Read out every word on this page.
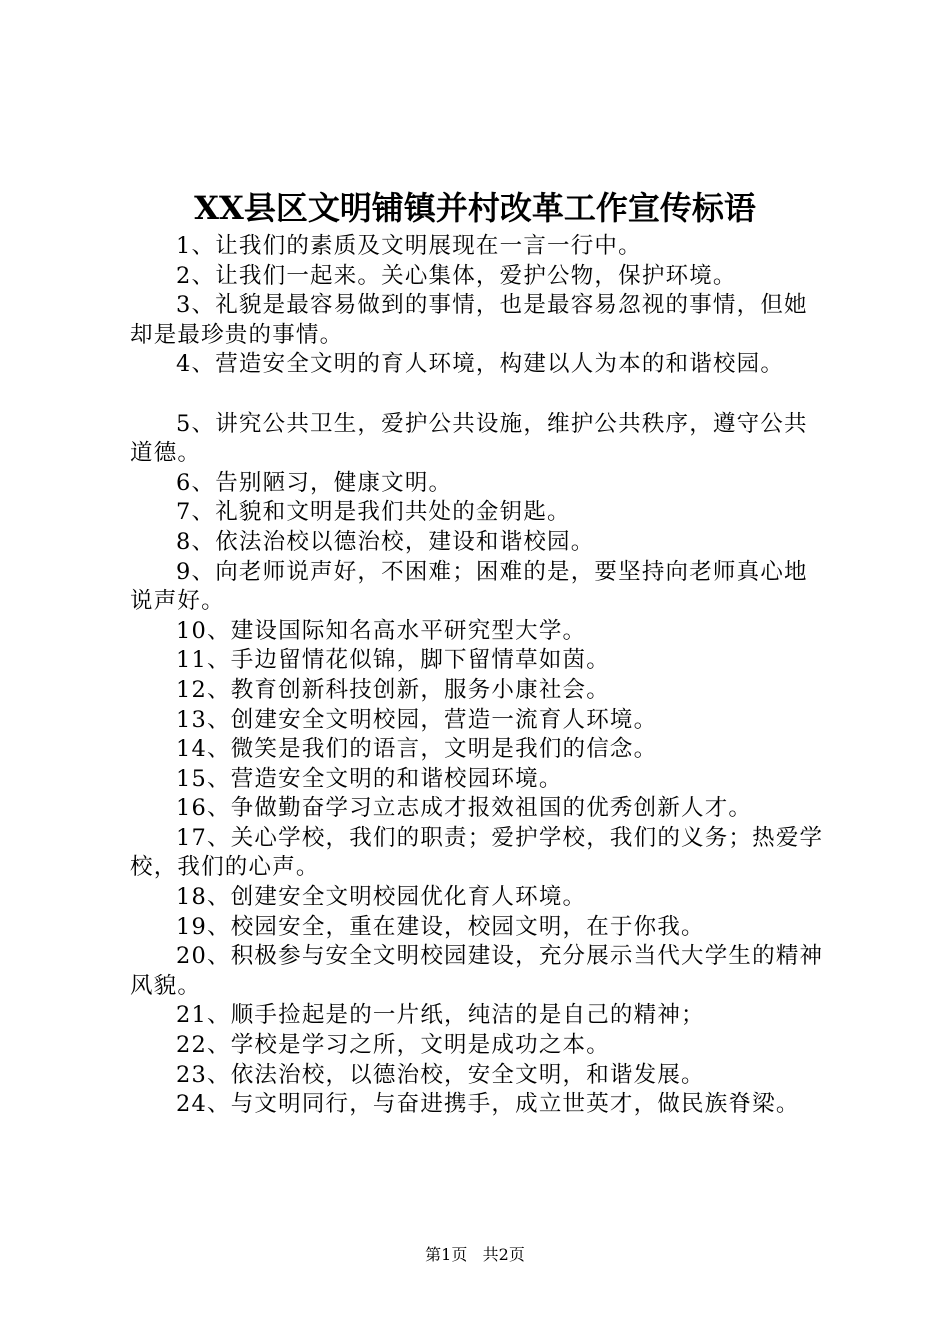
XX县区文明铺镇并村改革工作宣传标语

1、让我们的素质及文明展现在一言一行中。

2、让我们一起来。关心集体，爱护公物，保护环境。

3、礼貌是最容易做到的事情，也是最容易忽视的事情，但她却是最珍贵的事情。

4、营造安全文明的育人环境，构建以人为本的和谐校园。

5、讲究公共卫生，爱护公共设施，维护公共秩序，遵守公共道德。

6、告别陋习，健康文明。

7、礼貌和文明是我们共处的金钥匙。

8、依法治校以德治校，建设和谐校园。

9、向老师说声好，不困难；困难的是，要坚持向老师真心地说声好。

10、建设国际知名高水平研究型大学。

11、手边留情花似锦，脚下留情草如茵。

12、教育创新科技创新，服务小康社会。

13、创建安全文明校园，营造一流育人环境。

14、微笑是我们的语言，文明是我们的信念。

15、营造安全文明的和谐校园环境。

16、争做勤奋学习立志成才报效祖国的优秀创新人才。

17、关心学校，我们的职责；爱护学校，我们的义务；热爱学校，我们的心声。

18、创建安全文明校园优化育人环境。

19、校园安全，重在建设，校园文明，在于你我。

20、积极参与安全文明校园建设，充分展示当代大学生的精神风貌。

21、顺手捡起是的一片纸，纯洁的是自己的精神；

22、学校是学习之所，文明是成功之本。

23、依法治校，以德治校，安全文明，和谐发展。

24、与文明同行，与奋进携手，成立世英才，做民族脊梁。

第1页 共2页
